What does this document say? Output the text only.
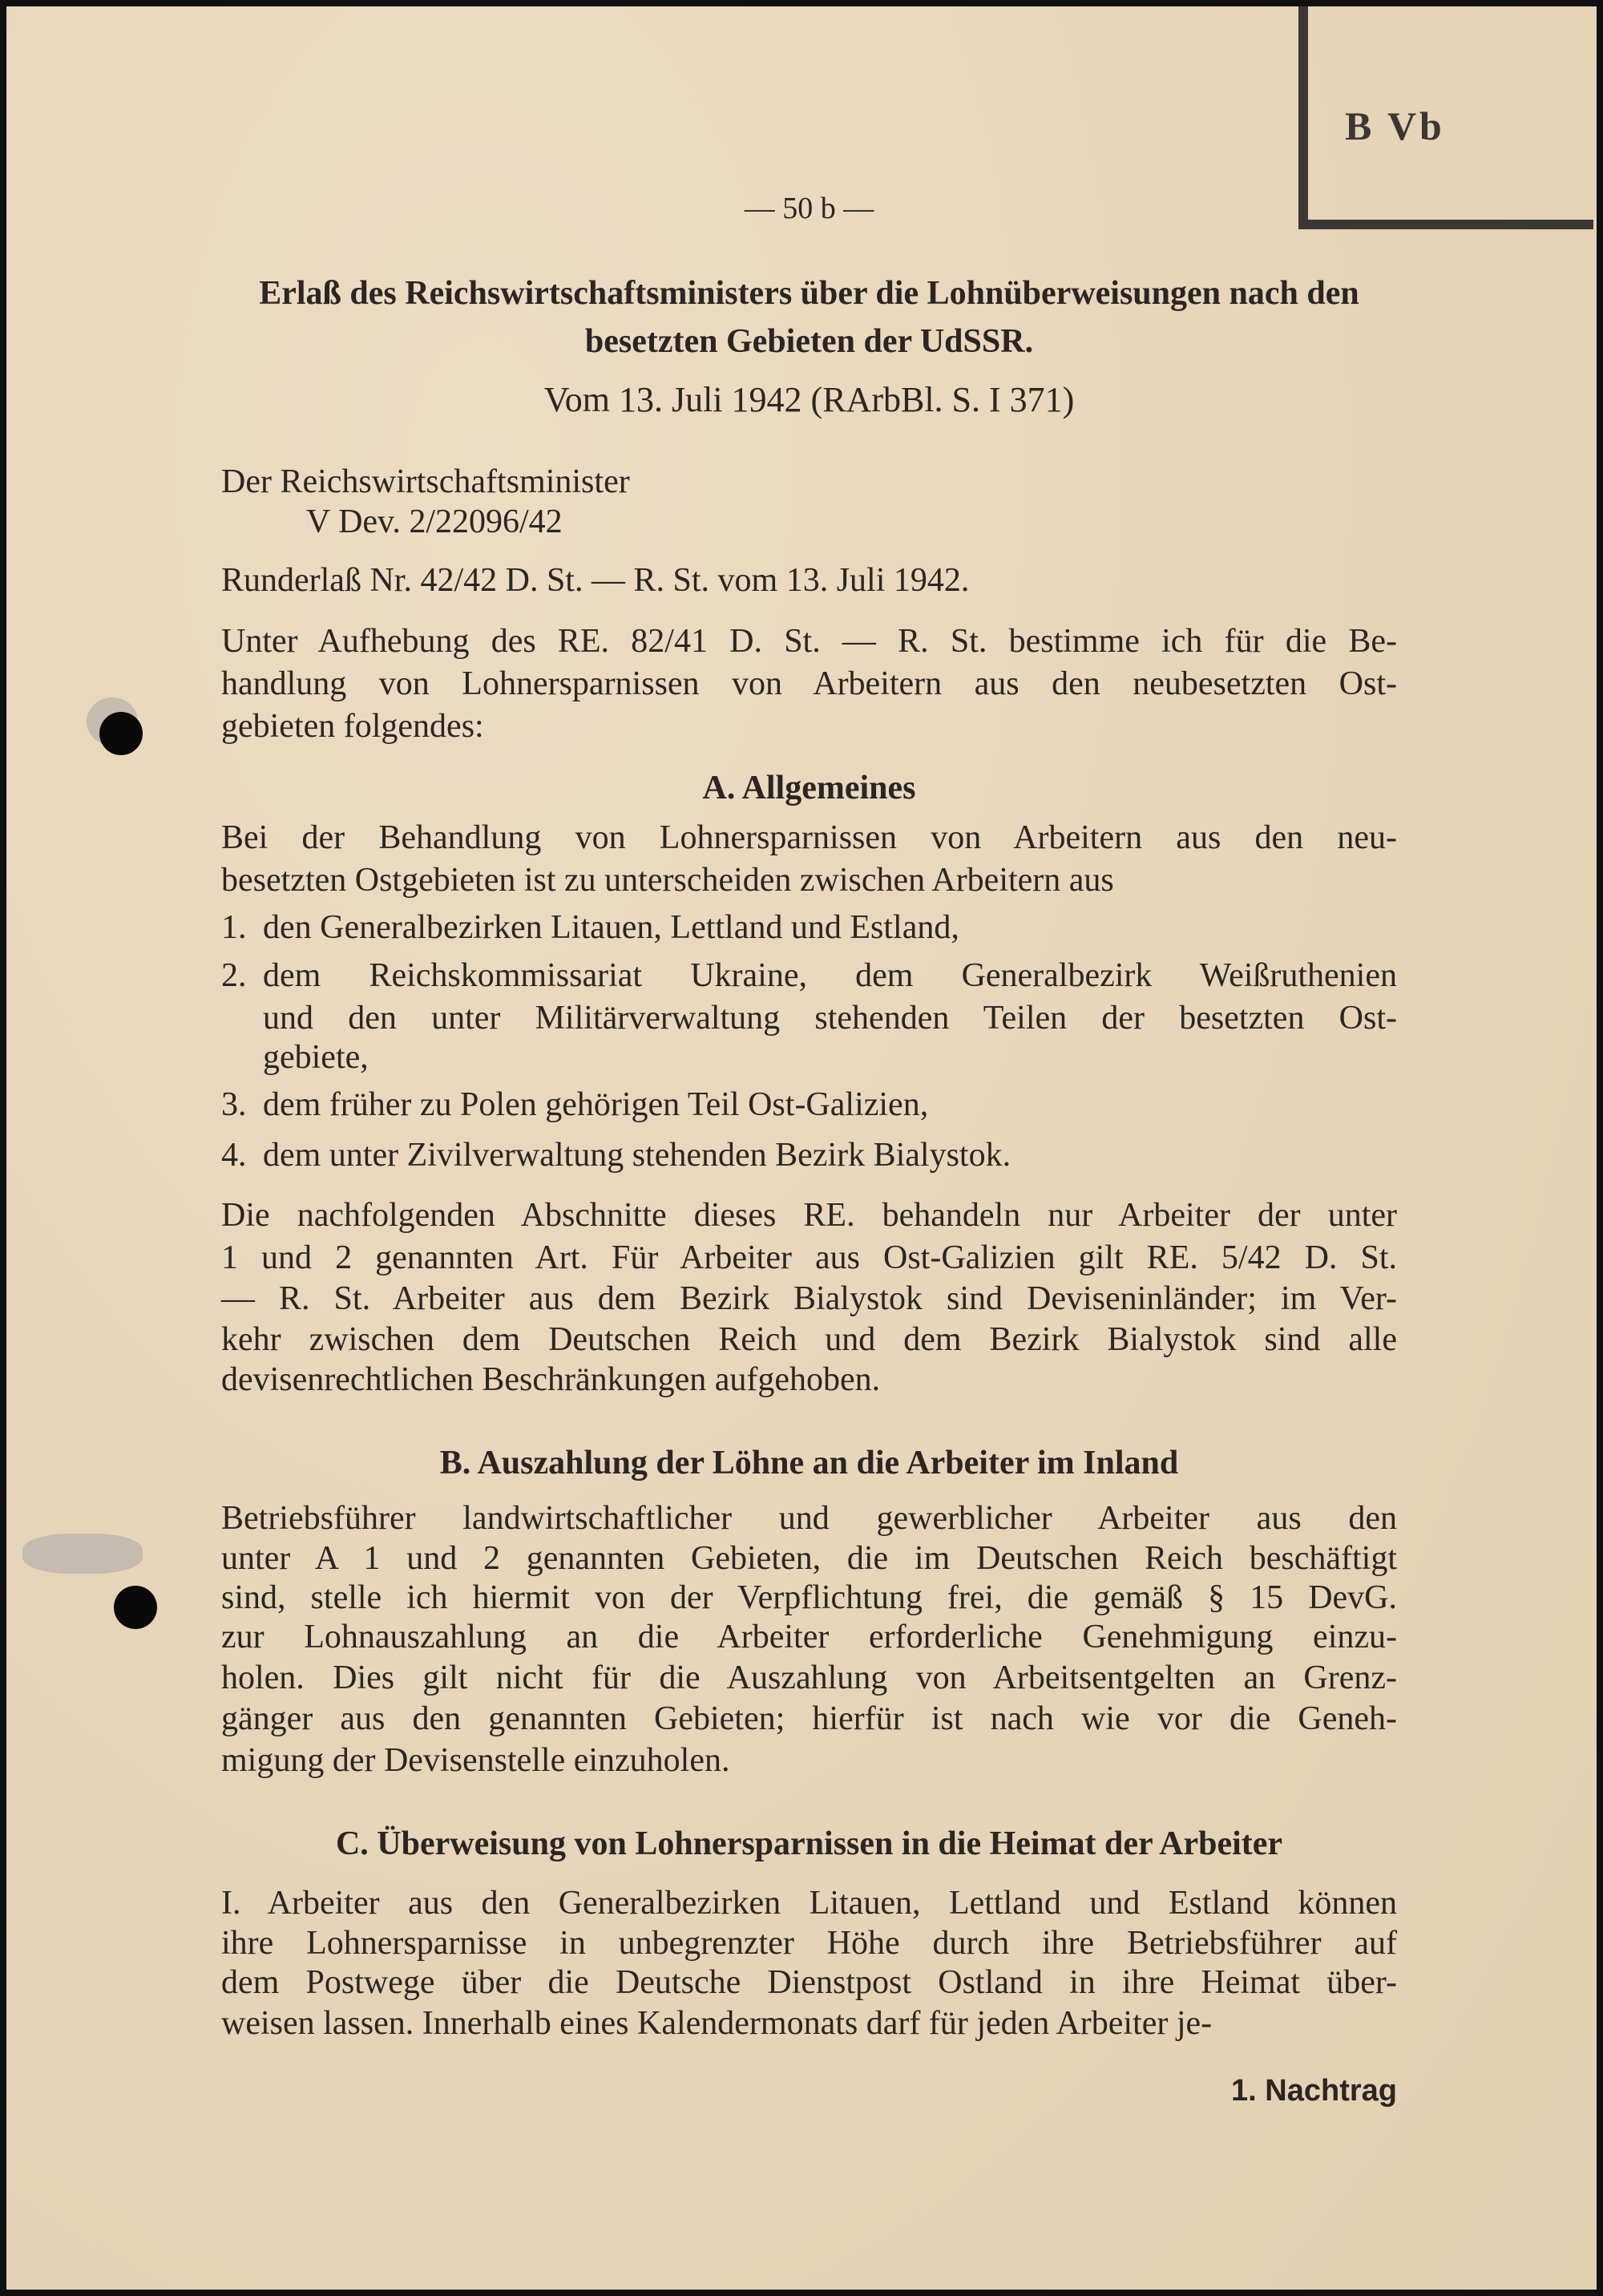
B Vb
— 50 b —
Erlaß des Reichswirtschaftsministers über die Lohnüberweisungen nach den
besetzten Gebieten der UdSSR.
Vom 13. Juli 1942 (RArbBl. S. I 371)
Der Reichswirtschaftsminister
V Dev. 2/22096/42
Runderlaß Nr. 42/42 D. St. — R. St. vom 13. Juli 1942.
Unter Aufhebung des RE. 82/41 D. St. — R. St. bestimme ich für die Be-
handlung von Lohnersparnissen von Arbeitern aus den neubesetzten Ost-
gebieten folgendes:
A. Allgemeines
Bei der Behandlung von Lohnersparnissen von Arbeitern aus den neu-
besetzten Ostgebieten ist zu unterscheiden zwischen Arbeitern aus
1. den Generalbezirken Litauen, Lettland und Estland,
2. dem Reichskommissariat Ukraine, dem Generalbezirk Weißruthenien
und den unter Militärverwaltung stehenden Teilen der besetzten Ost-
gebiete,
3. dem früher zu Polen gehörigen Teil Ost-Galizien,
4. dem unter Zivilverwaltung stehenden Bezirk Bialystok.
Die nachfolgenden Abschnitte dieses RE. behandeln nur Arbeiter der unter
1 und 2 genannten Art. Für Arbeiter aus Ost-Galizien gilt RE. 5/42 D. St.
— R. St. Arbeiter aus dem Bezirk Bialystok sind Deviseninländer; im Ver-
kehr zwischen dem Deutschen Reich und dem Bezirk Bialystok sind alle
devisenrechtlichen Beschränkungen aufgehoben.
B. Auszahlung der Löhne an die Arbeiter im Inland
Betriebsführer landwirtschaftlicher und gewerblicher Arbeiter aus den
unter A 1 und 2 genannten Gebieten, die im Deutschen Reich beschäftigt
sind, stelle ich hiermit von der Verpflichtung frei, die gemäß § 15 DevG.
zur Lohnauszahlung an die Arbeiter erforderliche Genehmigung einzu-
holen. Dies gilt nicht für die Auszahlung von Arbeitsentgelten an Grenz-
gänger aus den genannten Gebieten; hierfür ist nach wie vor die Geneh-
migung der Devisenstelle einzuholen.
C. Überweisung von Lohnersparnissen in die Heimat der Arbeiter
I. Arbeiter aus den Generalbezirken Litauen, Lettland und Estland können
ihre Lohnersparnisse in unbegrenzter Höhe durch ihre Betriebsführer auf
dem Postwege über die Deutsche Dienstpost Ostland in ihre Heimat über-
weisen lassen. Innerhalb eines Kalendermonats darf für jeden Arbeiter je-
1. Nachtrag
